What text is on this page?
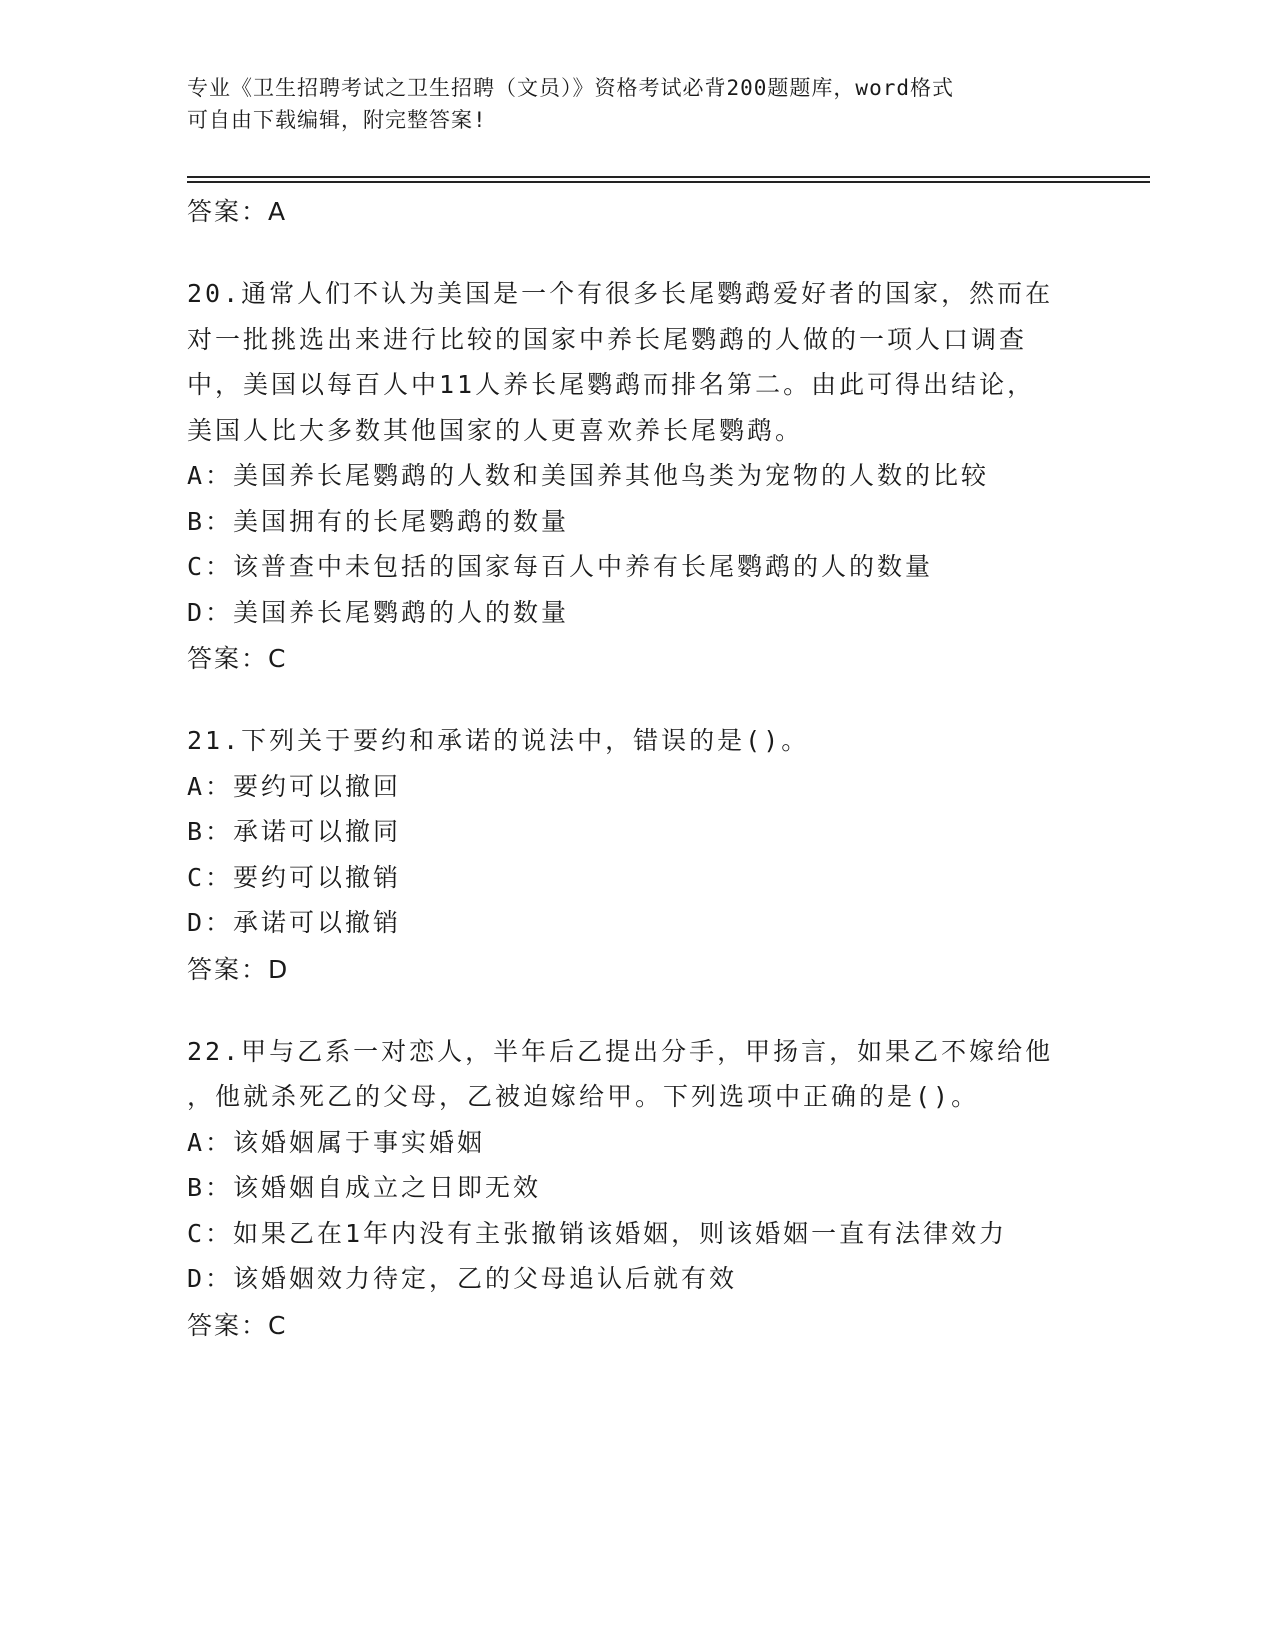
专业《卫生招聘考试之卫生招聘（文员）》资格考试必背200题题库，word格式
可自由下载编辑，附完整答案!
答案：A
20.通常人们不认为美国是一个有很多长尾鹦鹉爱好者的国家，然而在
对一批挑选出来进行比较的国家中养长尾鹦鹉的人做的一项人口调查
中，美国以每百人中11人养长尾鹦鹉而排名第二。由此可得出结论，
美国人比大多数其他国家的人更喜欢养长尾鹦鹉。
A：美国养长尾鹦鹉的人数和美国养其他鸟类为宠物的人数的比较
B：美国拥有的长尾鹦鹉的数量
C：该普查中未包括的国家每百人中养有长尾鹦鹉的人的数量
D：美国养长尾鹦鹉的人的数量
答案：C
21.下列关于要约和承诺的说法中，错误的是()。
A：要约可以撤回
B：承诺可以撤同
C：要约可以撤销
D：承诺可以撤销
答案：D
22.甲与乙系一对恋人，半年后乙提出分手，甲扬言，如果乙不嫁给他
，他就杀死乙的父母，乙被迫嫁给甲。下列选项中正确的是()。
A：该婚姻属于事实婚姻
B：该婚姻自成立之日即无效
C：如果乙在1年内没有主张撤销该婚姻，则该婚姻一直有法律效力
D：该婚姻效力待定，乙的父母追认后就有效
答案：C
